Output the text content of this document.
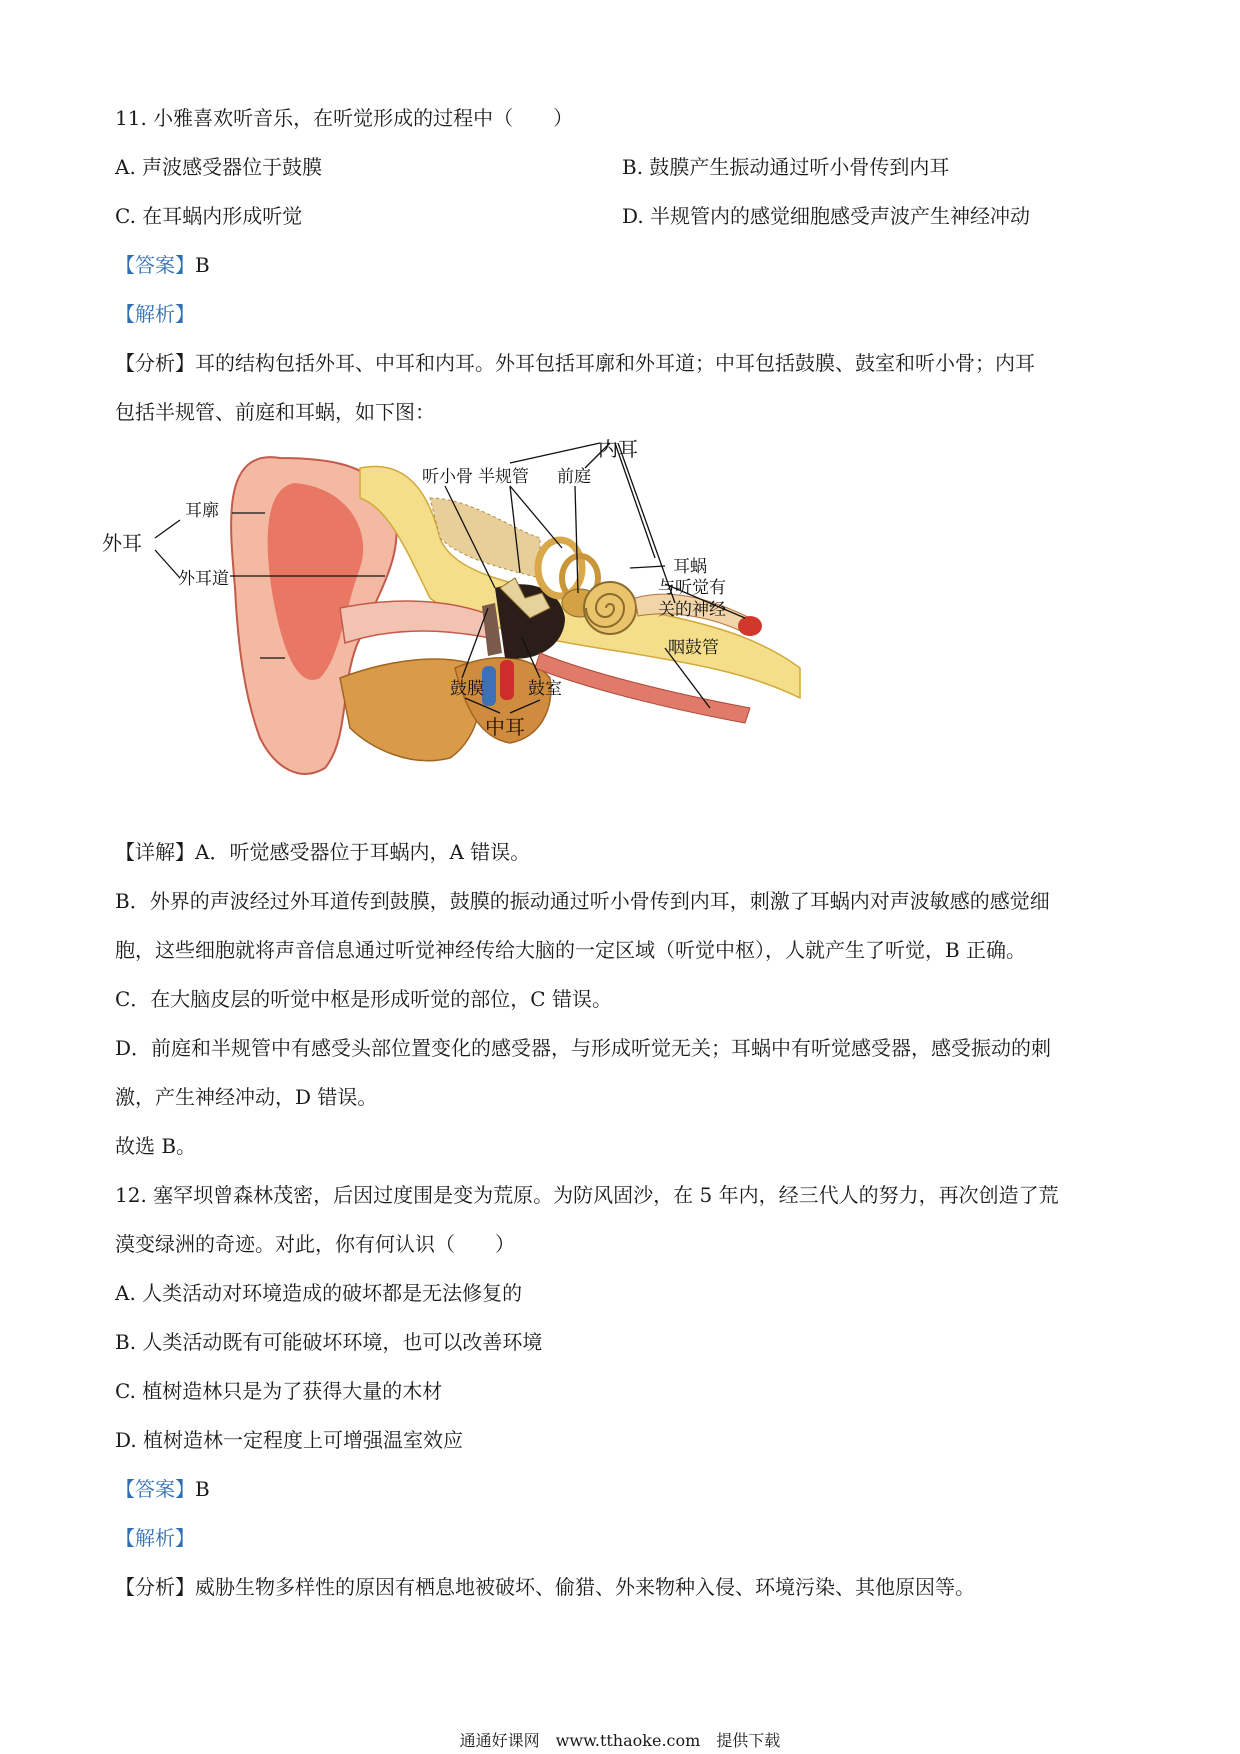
11. 小雅喜欢听音乐，在听觉形成的过程中（　　）
A. 声波感受器位于鼓膜	B. 鼓膜产生振动通过听小骨传到内耳
C. 在耳蜗内形成听觉	D. 半规管内的感觉细胞感受声波产生神经冲动
【答案】B
【解析】
【分析】耳的结构包括外耳、中耳和内耳。外耳包括耳廓和外耳道；中耳包括鼓膜、鼓室和听小骨；内耳
包括半规管、前庭和耳蜗，如下图：
内耳
听小骨 半规管 前庭
外耳
耳廓
外耳道
耳蜗
与听觉有
关的神经
咽鼓管
鼓膜	鼓室
中耳
【详解】A．听觉感受器位于耳蜗内，A 错误。
B．外界的声波经过外耳道传到鼓膜，鼓膜的振动通过听小骨传到内耳，刺激了耳蜗内对声波敏感的感觉细
胞，这些细胞就将声音信息通过听觉神经传给大脑的一定区域（听觉中枢），人就产生了听觉，B 正确。
C．在大脑皮层的听觉中枢是形成听觉的部位，C 错误。
D．前庭和半规管中有感受头部位置变化的感受器，与形成听觉无关；耳蜗中有听觉感受器，感受振动的刺
激，产生神经冲动，D 错误。
故选 B。
12. 塞罕坝曾森林茂密，后因过度围是变为荒原。为防风固沙，在 5 年内，经三代人的努力，再次创造了荒
漠变绿洲的奇迹。对此，你有何认识（　　）
A. 人类活动对环境造成的破坏都是无法修复的
B. 人类活动既有可能破坏环境，也可以改善环境
C. 植树造林只是为了获得大量的木材
D. 植树造林一定程度上可增强温室效应
【答案】B
【解析】
【分析】威胁生物多样性的原因有栖息地被破坏、偷猎、外来物种入侵、环境污染、其他原因等。
通通好课网　www.tthaoke.com　提供下载
